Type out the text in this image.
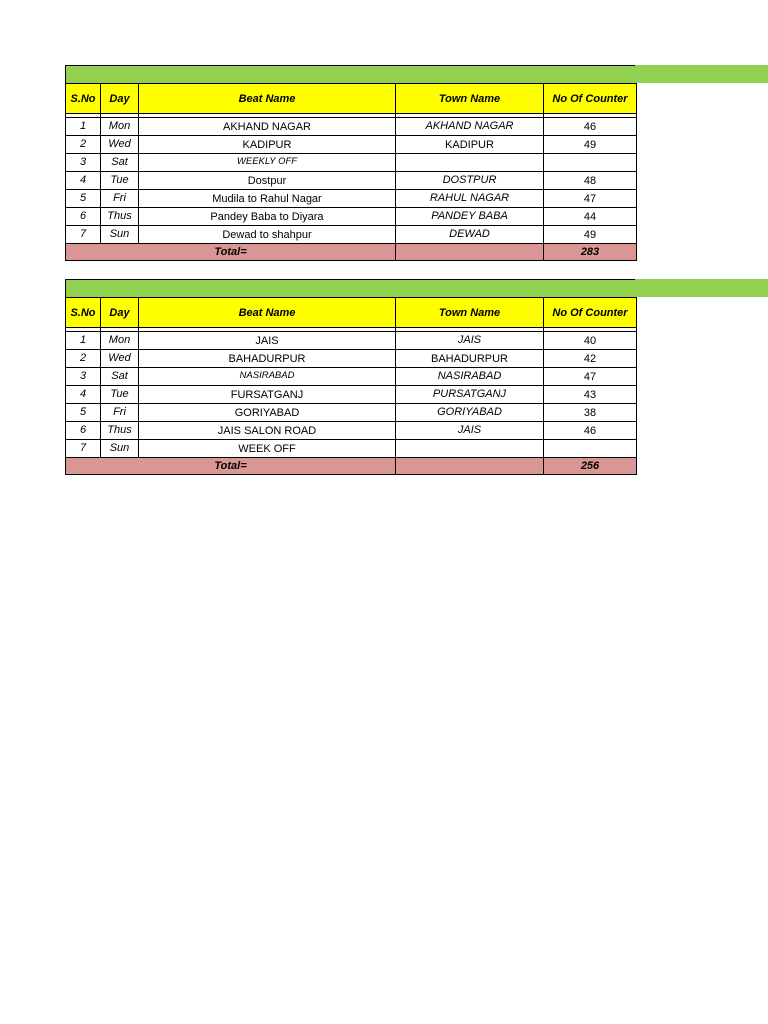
S.No	Day	Beat Name	Town Name	No Of Counter

1	Mon	AKHAND NAGAR	AKHAND NAGAR	46
2	Wed	KADIPUR	KADIPUR	49
3	Sat	WEEKLY OFF		
4	Tue	Dostpur	DOSTPUR	48
5	Fri	Mudila to Rahul Nagar	RAHUL NAGAR	47
6	Thus	Pandey Baba to Diyara	PANDEY BABA	44
7	Sun	Dewad to shahpur	DEWAD	49
Total=				283
S.No	Day	Beat Name	Town Name	No Of Counter

1	Mon	JAIS	JAIS	40
2	Wed	BAHADURPUR	BAHADURPUR	42
3	Sat	NASIRABAD	NASIRABAD	47
4	Tue	FURSATGANJ	PURSATGANJ	43
5	Fri	GORIYABAD	GORIYABAD	38
6	Thus	JAIS SALON ROAD	JAIS	46
7	Sun	WEEK OFF		
Total=				256
